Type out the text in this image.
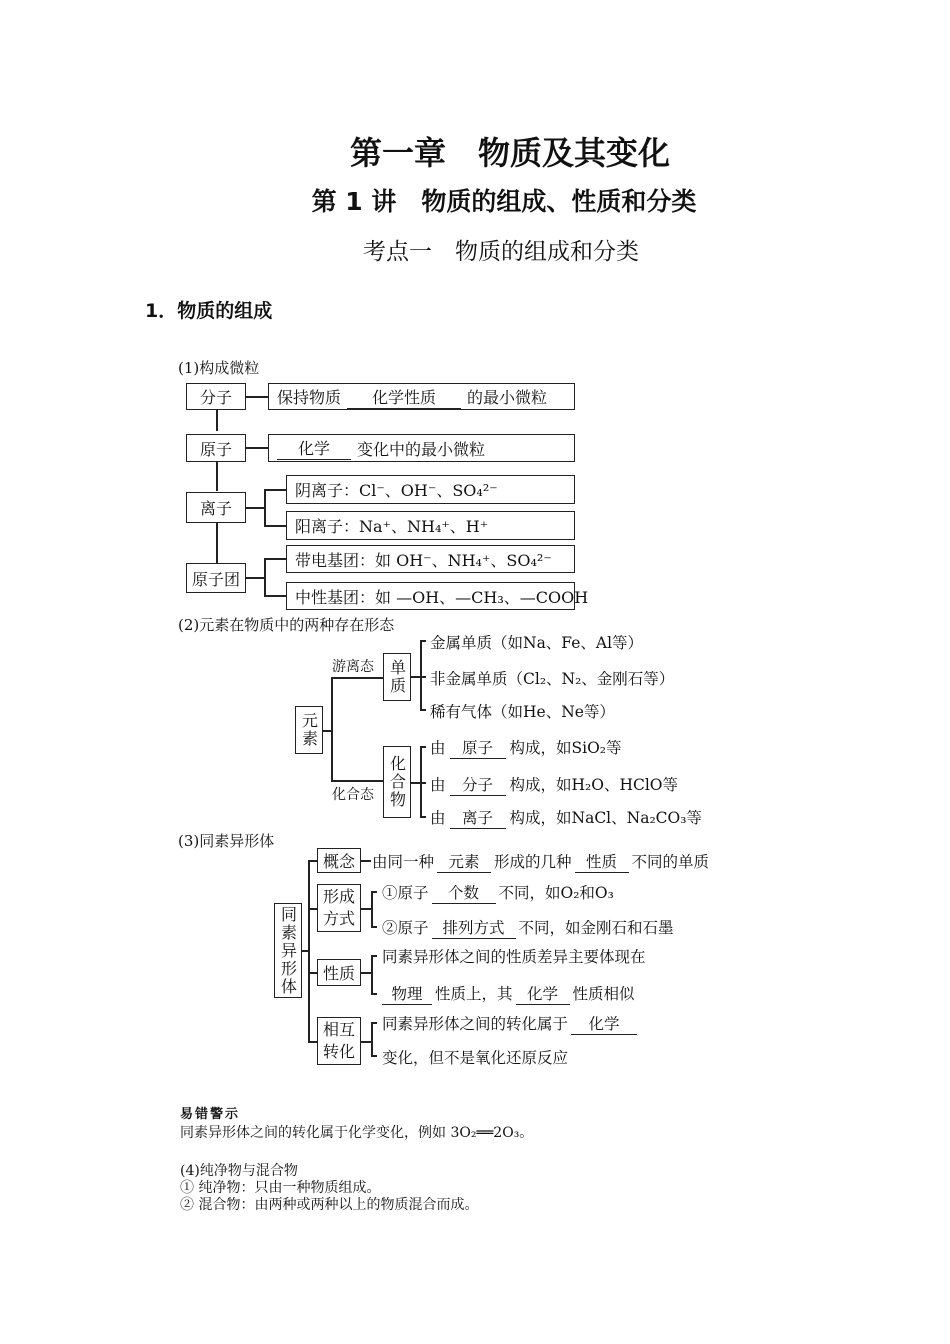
第一章　物质及其变化
第 1 讲　物质的组成、性质和分类
考点一　物质的组成和分类
1．物质的组成
(1)构成微粒
分子
原子
离子
原子团
保持物质	化学性质	的最小微粒
化学	变化中的最小微粒
阴离子：Cl⁻、OH⁻、SO₄²⁻
阳离子：Na⁺、NH₄⁺、H⁺
带电基团：如 OH⁻、NH₄⁺、SO₄²⁻
中性基团：如 —OH、—CH₃、—COOH
(2)元素在物质中的两种存在形态
元素
游离态
化合态
单质
化合物
金属单质（如Na、Fe、Al等）
非金属单质（Cl₂、N₂、金刚石等）
稀有气体（如He、Ne等）
由 原子 构成，如SiO₂等
由 分子 构成，如H₂O、HClO等
由 离子 构成，如NaCl、Na₂CO₃等
(3)同素异形体
同素异形体
概念
形成方式
性质
相互转化
由同一种 元素 形成的几种 性质 不同的单质
①原子 个数 不同，如O₂和O₃
②原子 排列方式 不同，如金刚石和石墨
同素异形体之间的性质差异主要体现在
物理 性质上，其 化学 性质相似
同素异形体之间的转化属于 化学
变化，但不是氧化还原反应
易错警示
同素异形体之间的转化属于化学变化，例如 3O₂══2O₃。
(4)纯净物与混合物
① 纯净物：只由一种物质组成。
② 混合物：由两种或两种以上的物质混合而成。
